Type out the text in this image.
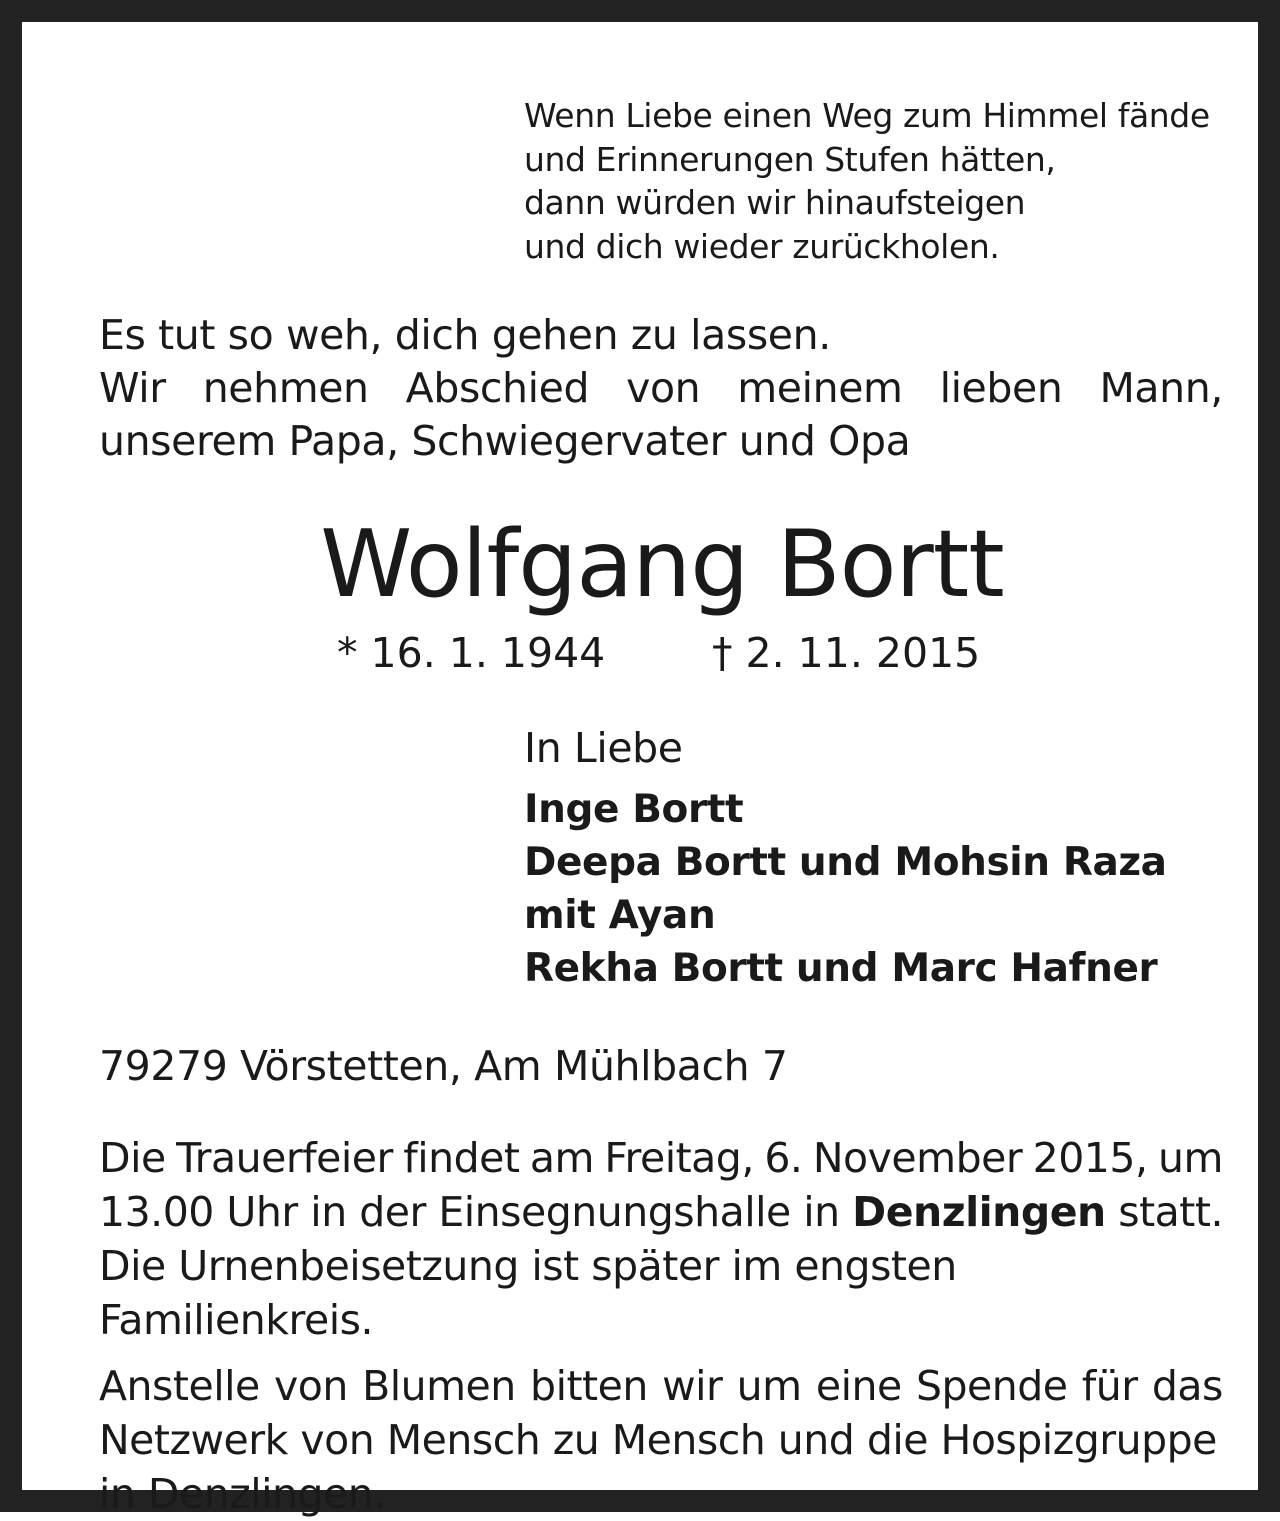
Wenn Liebe einen Weg zum Himmel fände
und Erinnerungen Stufen hätten,
dann würden wir hinaufsteigen
und dich wieder zurückholen.
Es tut so weh, dich gehen zu lassen.
Wir nehmen Abschied von meinem lieben Mann,
unserem Papa, Schwiegervater und Opa
Wolfgang Bortt
* 16. 1. 1944	† 2. 11. 2015
In Liebe
Inge Bortt
Deepa Bortt und Mohsin Raza
mit Ayan
Rekha Bortt und Marc Hafner
79279 Vörstetten, Am Mühlbach 7
Die Trauerfeier findet am Freitag, 6. November 2015, um
13.00 Uhr in der Einsegnungshalle in Denzlingen statt.
Die Urnenbeisetzung ist später im engsten Familienkreis.
Anstelle von Blumen bitten wir um eine Spende für das
Netzwerk von Mensch zu Mensch und die Hospizgruppe
in Denzlingen.
